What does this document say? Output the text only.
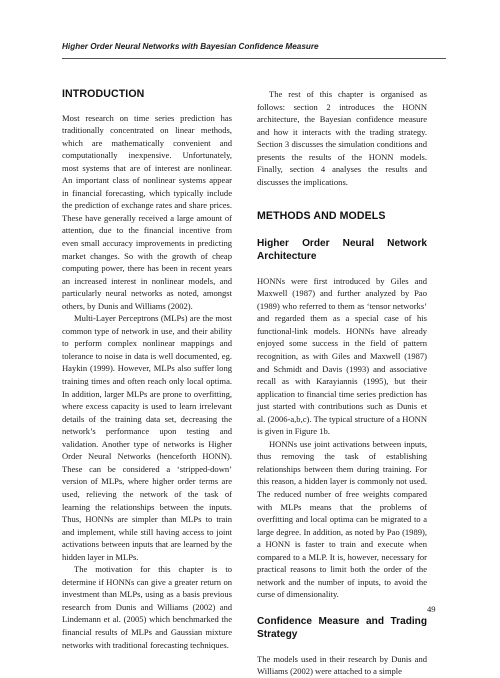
Higher Order Neural Networks with Bayesian Confidence Measure
INTRODUCTION

Most research on time series prediction has traditionally concentrated on linear methods, which are mathematically convenient and computationally inexpensive. Unfortunately, most systems that are of interest are nonlinear. An important class of nonlinear systems appear in financial forecasting, which typically include the prediction of exchange rates and share prices. These have generally received a large amount of attention, due to the financial incentive from even small accuracy improvements in predicting market changes. So with the growth of cheap computing power, there has been in recent years an increased interest in nonlinear models, and particularly neural networks as noted, amongst others, by Dunis and Williams (2002).

Multi-Layer Perceptrons (MLPs) are the most common type of network in use, and their ability to perform complex nonlinear mappings and tolerance to noise in data is well documented, eg. Haykin (1999). However, MLPs also suffer long training times and often reach only local optima. In addition, larger MLPs are prone to overfitting, where excess capacity is used to learn irrelevant details of the training data set, decreasing the network’s performance upon testing and validation. Another type of networks is Higher Order Neural Networks (henceforth HONN). These can be considered a ‘stripped-down’ version of MLPs, where higher order terms are used, relieving the network of the task of learning the relationships between the inputs. Thus, HONNs are simpler than MLPs to train and implement, while still having access to joint activations between inputs that are learned by the hidden layer in MLPs.

The motivation for this chapter is to determine if HONNs can give a greater return on investment than MLPs, using as a basis previous research from Dunis and Williams (2002) and Lindemann et al. (2005) which benchmarked the financial results of MLPs and Gaussian mixture networks with traditional forecasting techniques.

The rest of this chapter is organised as follows: section 2 introduces the HONN architecture, the Bayesian confidence measure and how it interacts with the trading strategy. Section 3 discusses the simulation conditions and presents the results of the HONN models. Finally, section 4 analyses the results and discusses the implications.

METHODS AND MODELS
Higher Order Neural Network Architecture

HONNs were first introduced by Giles and Maxwell (1987) and further analyzed by Pao (1989) who referred to them as ‘tensor networks’ and regarded them as a special case of his functional-link models. HONNs have already enjoyed some success in the field of pattern recognition, as with Giles and Maxwell (1987) and Schmidt and Davis (1993) and associative recall as with Karayiannis (1995), but their application to financial time series prediction has just started with contributions such as Dunis et al. (2006-a,b,c). The typical structure of a HONN is given in Figure 1b.

HONNs use joint activations between inputs, thus removing the task of establishing relationships between them during training. For this reason, a hidden layer is commonly not used. The reduced number of free weights compared with MLPs means that the problems of overfitting and local optima can be migrated to a large degree. In addition, as noted by Pao (1989), a HONN is faster to train and execute when compared to a MLP. It is, however, necessary for practical reasons to limit both the order of the network and the number of inputs, to avoid the curse of dimensionality.

Confidence Measure and Trading Strategy

The models used in their research by Dunis and Williams (2002) were attached to a simple

49
